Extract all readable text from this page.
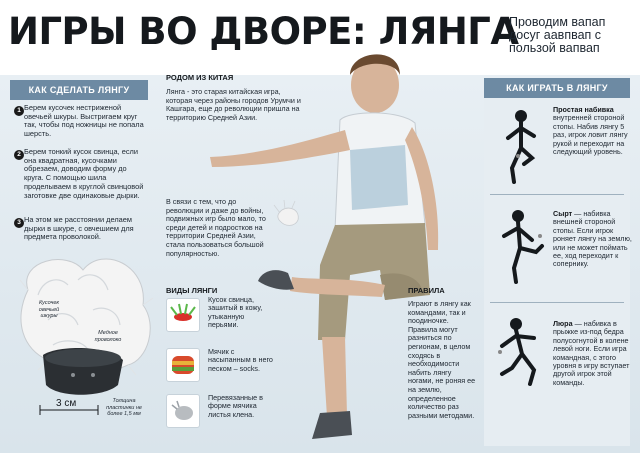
ИГРЫ ВО ДВОРЕ: ЛЯНГА
Проводим вапап досуг аавпвап с пользой вапвап
КАК СДЕЛАТЬ ЛЯНГУ
1 Берем кусочек нестриженой овечьей шкуры. Выстригаем круг так, чтобы под ножницы не попала шерсть.
2 Берем тонкий кусок свинца, если она квадратная, кусочками обрезаем, доводим форму до круга. С помощью шила проделываем в круглой свинцовой заготовке две одинаковые дырки.
3 На этом же расстоянии делаем дырки в шкуре, с овчешием для предмета проволокой.
Кусочек овечьей шкуры
Медное проволоко
3 см	Толщина пластинки не более 1,5 мм
РОДОМ ИЗ КИТАЯ
Лянга - это старая китайская игра, которая через районы городов Урумчи и Кашгара, еще до революции пришла на территорию Средней Азии.
В связи с тем, что до революции и даже до войны, подвижных игр было мало, то среди детей и подростков на территории Средней Азии, стала пользоваться большой популярностью.
ВИДЫ ЛЯНГИ
Кусок свинца, зашитый в кожу, утыканную перьями.
Мячик с насыпанным в него песком – socks.
Перевязанные в форме мячика листья клена.
ПРАВИЛА
Играют в лянгу как командами, так и поодиночке. Правила могут разниться по регионам, в целом сходясь в необходимости набить лянгу ногами, не роняя ее на землю, определенное количество раз разными методами.
КАК ИГРАТЬ В ЛЯНГУ
Простая набивка внутренней стороной стопы. Набив лянгу 5 раз, игрок ловит лянгу рукой и переходит на следующий уровень.
Сырт — набивка внешней стороной стопы. Если игрок роняет лянгу на землю, или не может поймать ее, ход переходит к сопернику.
Люра — набивка в прыжке из-под бедра полусогнутой в колене левой ноги. Если игра командная, с этого уровня в игру вступает другой игрок этой команды.
